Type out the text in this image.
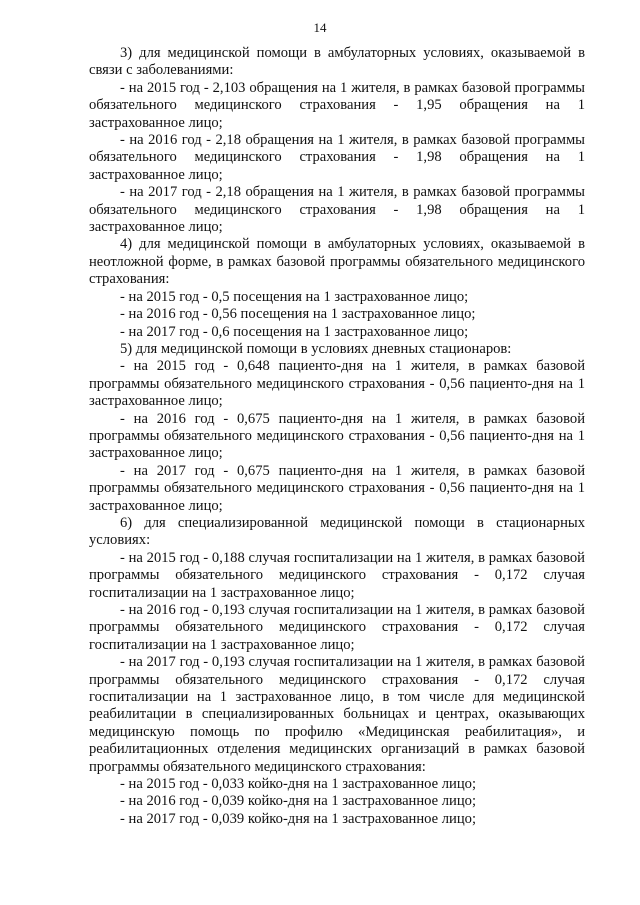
14

3) для медицинской помощи в амбулаторных условиях, оказываемой в связи с заболеваниями:

- на 2015 год - 2,103 обращения на 1 жителя, в рамках базовой программы обязательного медицинского страхования - 1,95 обращения на 1 застрахованное лицо;

- на 2016 год - 2,18 обращения на 1 жителя, в рамках базовой программы обязательного медицинского страхования - 1,98 обращения на 1 застрахованное лицо;

- на 2017 год - 2,18 обращения на 1 жителя, в рамках базовой программы обязательного медицинского страхования - 1,98 обращения на 1 застрахованное лицо;

4) для медицинской помощи в амбулаторных условиях, оказываемой в неотложной форме, в рамках базовой программы обязательного медицинского страхования:

- на 2015 год - 0,5 посещения на 1 застрахованное лицо;

- на 2016 год - 0,56 посещения на 1 застрахованное лицо;

- на 2017 год - 0,6 посещения на 1 застрахованное лицо;

5) для медицинской помощи в условиях дневных стационаров:

- на 2015 год - 0,648 пациенто-дня на 1 жителя, в рамках базовой программы обязательного медицинского страхования - 0,56 пациенто-дня на 1 застрахованное лицо;

- на 2016 год - 0,675 пациенто-дня на 1 жителя, в рамках базовой программы обязательного медицинского страхования - 0,56 пациенто-дня на 1 застрахованное лицо;

- на 2017 год - 0,675 пациенто-дня на 1 жителя, в рамках базовой программы обязательного медицинского страхования - 0,56 пациенто-дня на 1 застрахованное лицо;

6) для специализированной медицинской помощи в стационарных условиях:

- на 2015 год - 0,188 случая госпитализации на 1 жителя, в рамках базовой программы обязательного медицинского страхования - 0,172 случая госпитализации на 1 застрахованное лицо;

- на 2016 год - 0,193 случая госпитализации на 1 жителя, в рамках базовой программы обязательного медицинского страхования - 0,172 случая госпитализации на 1 застрахованное лицо;

- на 2017 год - 0,193 случая госпитализации на 1 жителя, в рамках базовой программы обязательного медицинского страхования - 0,172 случая госпитализации на 1 застрахованное лицо, в том числе для медицинской реабилитации в специализированных больницах и центрах, оказывающих медицинскую помощь по профилю «Медицинская реабилитация», и реабилитационных отделения медицинских организаций в рамках базовой программы обязательного медицинского страхования:

- на 2015 год - 0,033 койко-дня на 1 застрахованное лицо;

- на 2016 год - 0,039 койко-дня на 1 застрахованное лицо;

- на 2017 год - 0,039 койко-дня на 1 застрахованное лицо;
